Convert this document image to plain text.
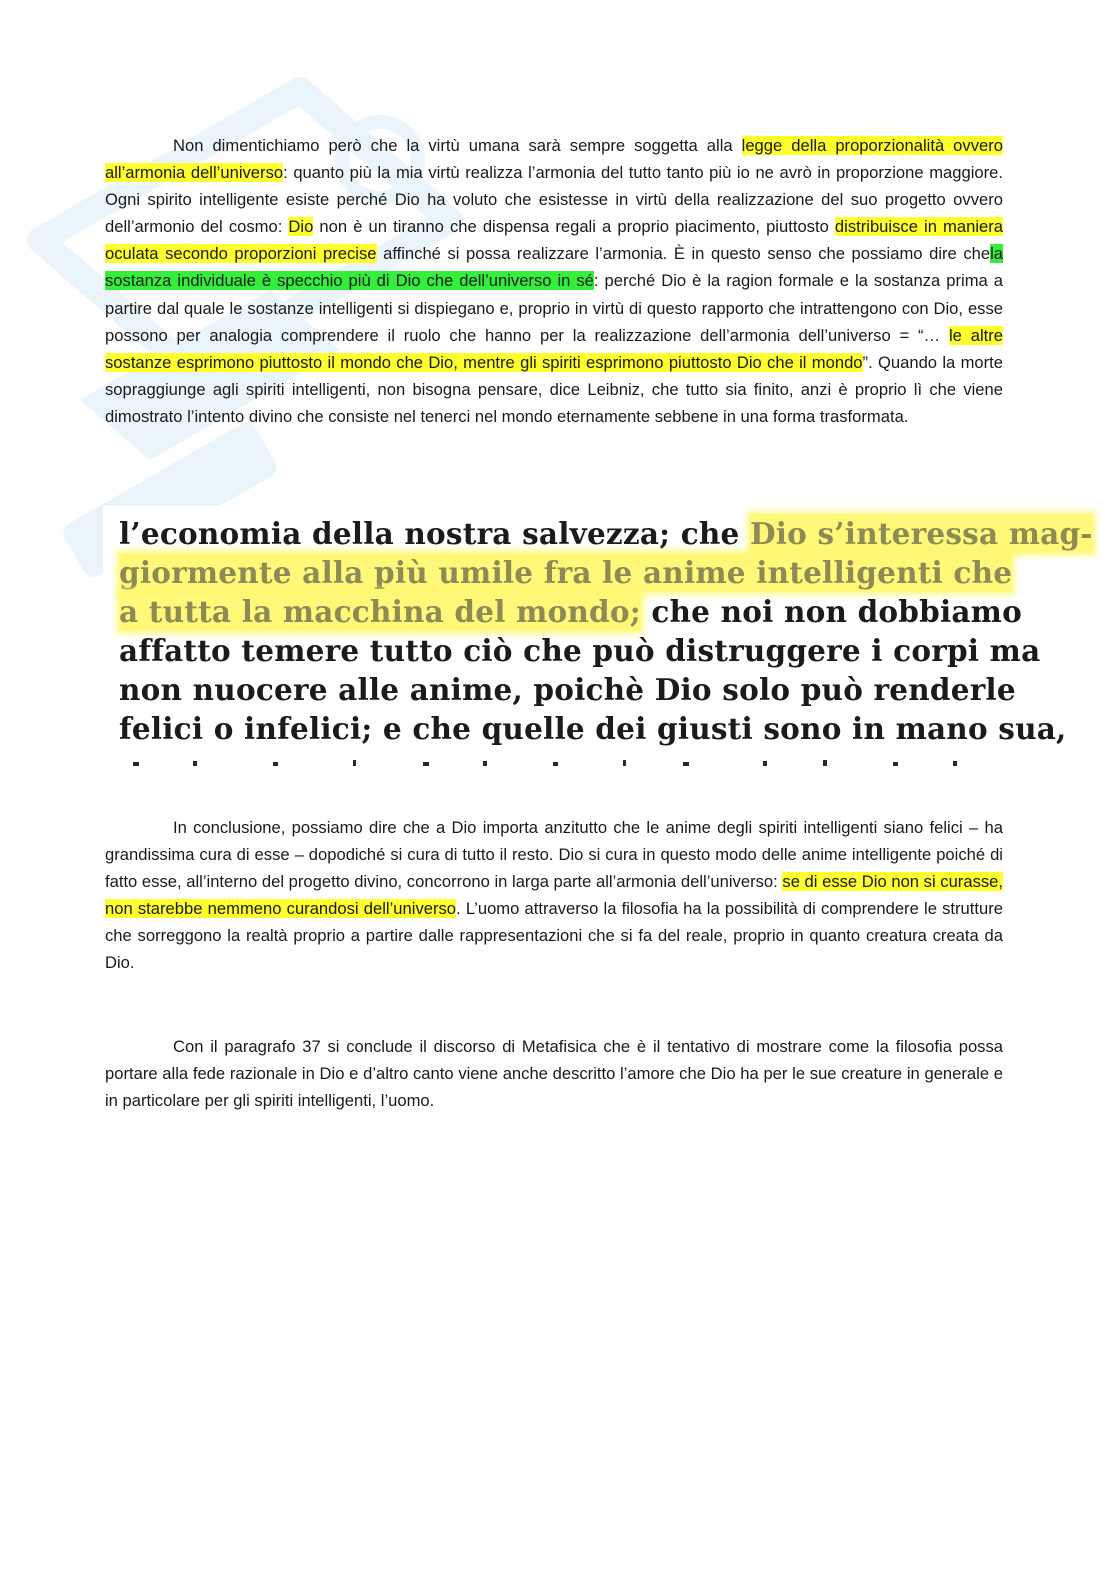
Non dimentichiamo però che la virtù umana sarà sempre soggetta alla legge della proporzionalità ovvero all’armonia dell’universo: quanto più la mia virtù realizza l’armonia del tutto tanto più io ne avrò in proporzione maggiore. Ogni spirito intelligente esiste perché Dio ha voluto che esistesse in virtù della realizzazione del suo progetto ovvero dell’armonio del cosmo: Dio non è un tiranno che dispensa regali a proprio piacimento, piuttosto distribuisce in maniera oculata secondo proporzioni precise affinché si possa realizzare l’armonia. È in questo senso che possiamo dire chela sostanza individuale è specchio più di Dio che dell’universo in sé: perché Dio è la ragion formale e la sostanza prima a partire dal quale le sostanze intelligenti si dispiegano e, proprio in virtù di questo rapporto che intrattengono con Dio, esse possono per analogia comprendere il ruolo che hanno per la realizzazione dell’armonia dell’universo = “… le altre sostanze esprimono piuttosto il mondo che Dio, mentre gli spiriti esprimono piuttosto Dio che il mondo”. Quando la morte sopraggiunge agli spiriti intelligenti, non bisogna pensare, dice Leibniz, che tutto sia finito, anzi è proprio lì che viene dimostrato l’intento divino che consiste nel tenerci nel mondo eternamente sebbene in una forma trasformata.

l’economia della nostra salvezza; che Dio s’interessa mag-
giormente alla più umile fra le anime intelligenti che
a tutta la macchina del mondo; che noi non dobbiamo
affatto temere tutto ciò che può distruggere i corpi ma
non nuocere alle anime, poichè Dio solo può renderle
felici o infelici; e che quelle dei giusti sono in mano sua,

In conclusione, possiamo dire che a Dio importa anzitutto che le anime degli spiriti intelligenti siano felici – ha grandissima cura di esse – dopodiché si cura di tutto il resto. Dio si cura in questo modo delle anime intelligente poiché di fatto esse, all’interno del progetto divino, concorrono in larga parte all’armonia dell’universo: se di esse Dio non si curasse, non starebbe nemmeno curandosi dell’universo. L’uomo attraverso la filosofia ha la possibilità di comprendere le strutture che sorreggono la realtà proprio a partire dalle rappresentazioni che si fa del reale, proprio in quanto creatura creata da Dio.

Con il paragrafo 37 si conclude il discorso di Metafisica che è il tentativo di mostrare come la filosofia possa portare alla fede razionale in Dio e d’altro canto viene anche descritto l’amore che Dio ha per le sue creature in generale e in particolare per gli spiriti intelligenti, l’uomo.
